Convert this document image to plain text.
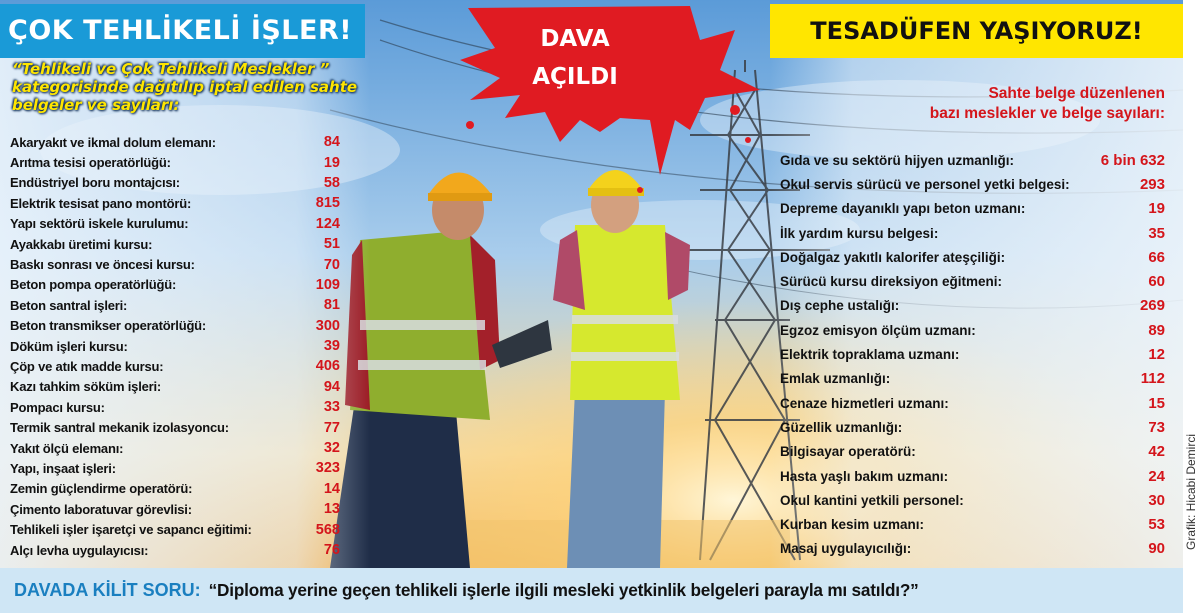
ÇOK TEHLİKELİ İŞLER!	TESADÜFEN YAŞIYORUZ!
DAVA
AÇILDI
“Tehlikeli ve Çok Tehlikeli Meslekler ” kategorisinde dağıtılıp iptal edilen sahte belgeler ve sayıları:
Akaryakıt ve ikmal dolum elemanı:	84
Arıtma tesisi operatörlüğü:	19
Endüstriyel boru montajcısı:	58
Elektrik tesisat pano montörü:	815
Yapı sektörü iskele kurulumu:	124
Ayakkabı üretimi kursu:	51
Baskı sonrası ve öncesi kursu:	70
Beton pompa operatörlüğü:	109
Beton santral işleri:	81
Beton transmikser operatörlüğü:	300
Döküm işleri kursu:	39
Çöp ve atık madde kursu:	406
Kazı tahkim söküm işleri:	94
Pompacı kursu:	33
Termik santral mekanik izolasyoncu:	77
Yakıt ölçü elemanı:	32
Yapı, inşaat işleri:	323
Zemin güçlendirme operatörü:	14
Çimento laboratuvar görevlisi:	13
Tehlikeli işler işaretçi ve sapancı eğitimi:	568
Alçı levha uygulayıcısı:	76
Sahte belge düzenlenen
bazı meslekler ve belge sayıları:
Gıda ve su sektörü hijyen uzmanlığı:	6 bin 632
Okul servis sürücü ve personel yetki belgesi:	293
Depreme dayanıklı yapı beton uzmanı:	19
İlk yardım kursu belgesi:	35
Doğalgaz yakıtlı kalorifer ateşçiliği:	66
Sürücü kursu direksiyon eğitmeni:	60
Dış cephe ustalığı:	269
Egzoz emisyon ölçüm uzmanı:	89
Elektrik topraklama uzmanı:	12
Emlak uzmanlığı:	112
Cenaze hizmetleri uzmanı:	15
Güzellik uzmanlığı:	73
Bilgisayar operatörü:	42
Hasta yaşlı bakım uzmanı:	24
Okul kantini yetkili personel:	30
Kurban kesim uzmanı:	53
Masaj uygulayıcılığı:	90 Grafik: Hicabi Demirci
DAVADA KİLİT SORU: “Diploma yerine geçen tehlikeli işlerle ilgili mesleki yetkinlik belgeleri parayla mı satıldı?”
